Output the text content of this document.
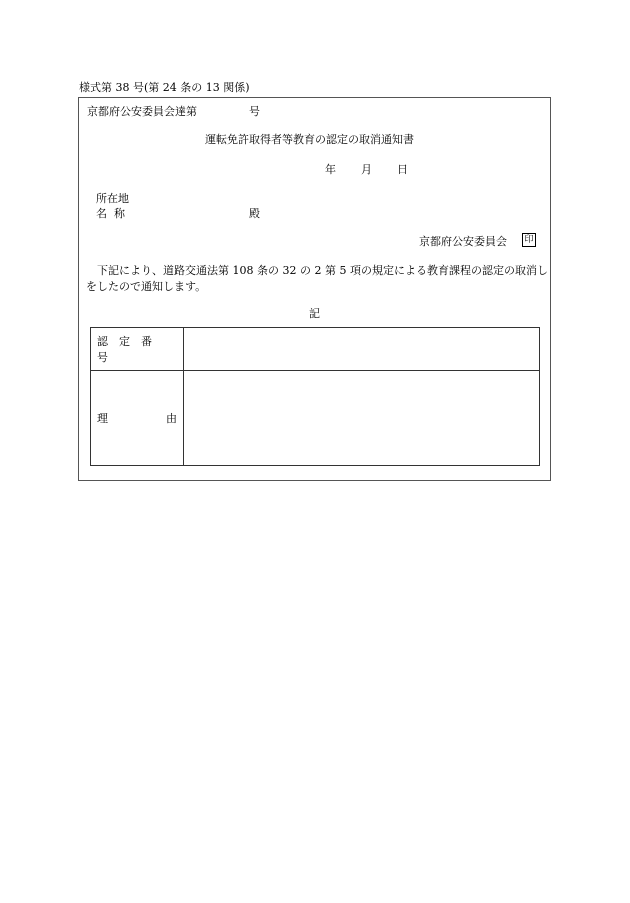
様式第 38 号(第 24 条の 13 関係)
京都府公安委員会達第	号
運転免許取得者等教育の認定の取消通知書
年 月 日
所在地
名称	殿
京都府公安委員会 印
下記により、道路交通法第 108 条の 32 の 2 第 5 項の規定による教育課程の認定の取消しをしたので通知します。
記
認定番号	

理 由	
